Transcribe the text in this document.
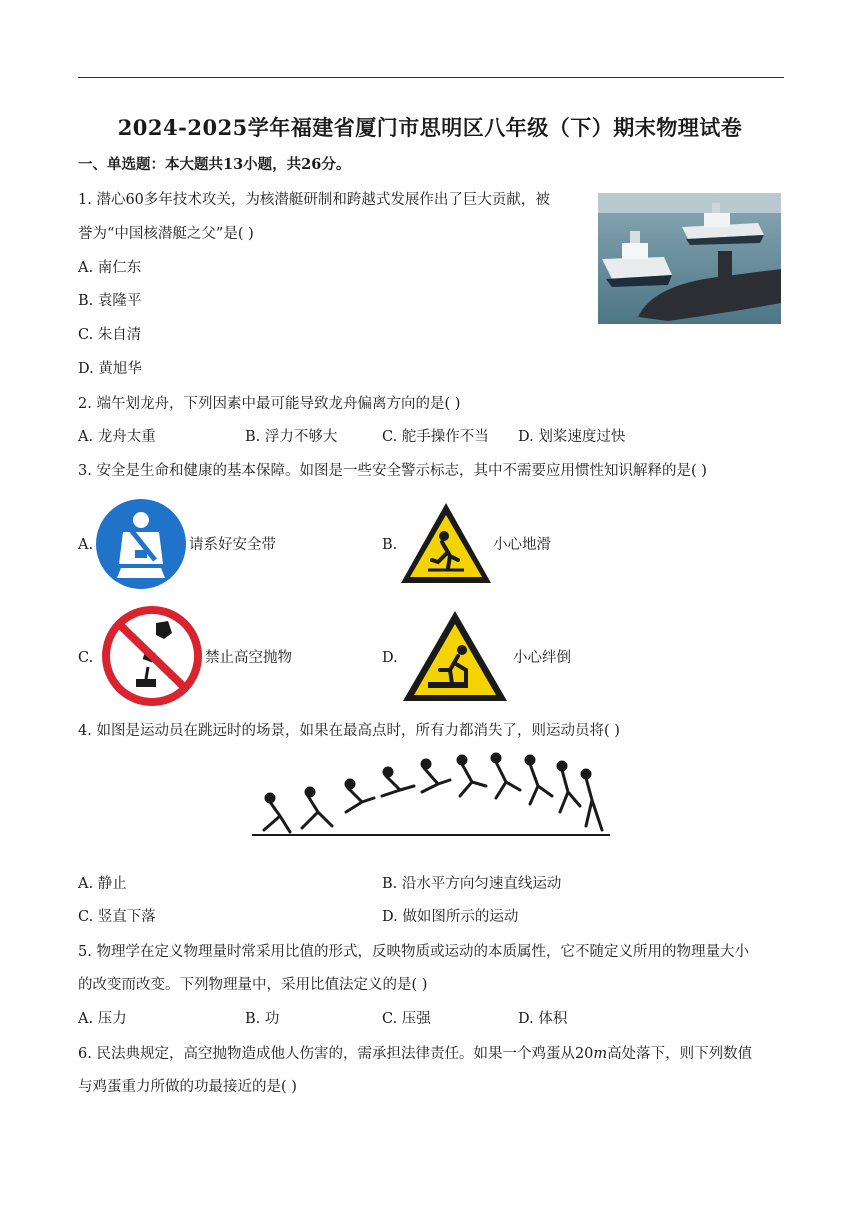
2024-2025学年福建省厦门市思明区八年级（下）期末物理试卷
一、单选题：本大题共13小题，共26分。
1. 潜心60多年技术攻关，为核潜艇研制和跨越式发展作出了巨大贡献，被
誉为“中国核潜艇之父”是( )
A. 南仁东
B. 袁隆平
C. 朱自清
D. 黄旭华
2. 端午划龙舟，下列因素中最可能导致龙舟偏离方向的是( )
A. 龙舟太重	B. 浮力不够大	C. 舵手操作不当 D. 划桨速度过快
3. 安全是生命和健康的基本保障。如图是一些安全警示标志，其中不需要应用惯性知识解释的是( )
A.	请系好安全带	B.	小心地滑
C.	禁止高空抛物	D.	小心绊倒
4. 如图是运动员在跳远时的场景，如果在最高点时，所有力都消失了，则运动员将( )
A. 静止	B. 沿水平方向匀速直线运动
C. 竖直下落	D. 做如图所示的运动
5. 物理学在定义物理量时常采用比值的形式，反映物质或运动的本质属性，它不随定义所用的物理量大小
的改变而改变。下列物理量中，采用比值法定义的是( )
A. 压力	B. 功	C. 压强	D. 体积
6. 民法典规定，高空抛物造成他人伤害的，需承担法律责任。如果一个鸡蛋从20m高处落下，则下列数值
与鸡蛋重力所做的功最接近的是( )
